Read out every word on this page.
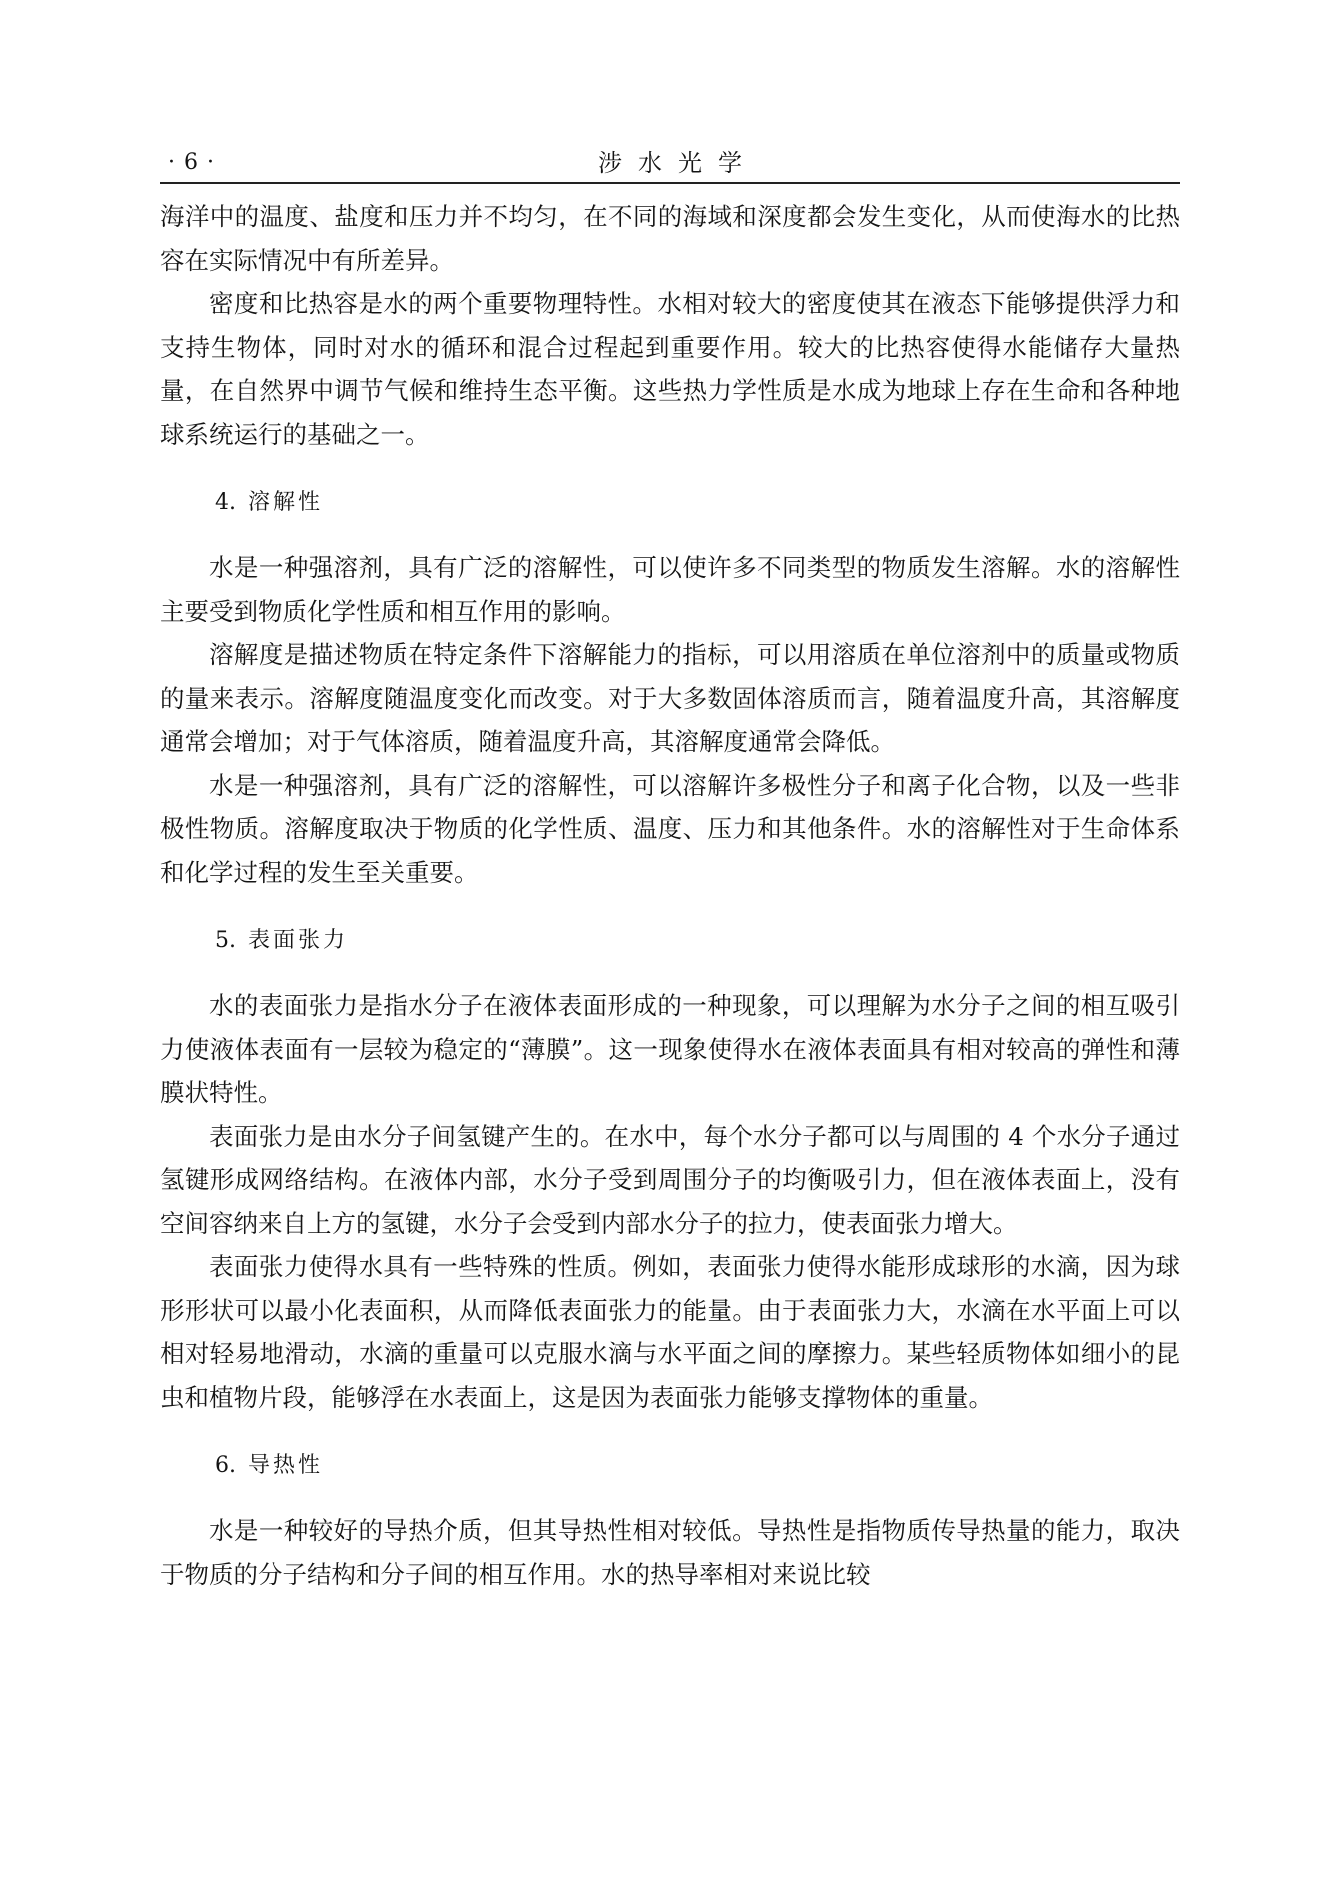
· 6 ·	涉水光学

海洋中的温度、盐度和压力并不均匀，在不同的海域和深度都会发生变化，从而使海水的比热容在实际情况中有所差异。

密度和比热容是水的两个重要物理特性。水相对较大的密度使其在液态下能够提供浮力和支持生物体，同时对水的循环和混合过程起到重要作用。较大的比热容使得水能储存大量热量，在自然界中调节气候和维持生态平衡。这些热力学性质是水成为地球上存在生命和各种地球系统运行的基础之一。

4. 溶解性

水是一种强溶剂，具有广泛的溶解性，可以使许多不同类型的物质发生溶解。水的溶解性主要受到物质化学性质和相互作用的影响。

溶解度是描述物质在特定条件下溶解能力的指标，可以用溶质在单位溶剂中的质量或物质的量来表示。溶解度随温度变化而改变。对于大多数固体溶质而言，随着温度升高，其溶解度通常会增加；对于气体溶质，随着温度升高，其溶解度通常会降低。

水是一种强溶剂，具有广泛的溶解性，可以溶解许多极性分子和离子化合物，以及一些非极性物质。溶解度取决于物质的化学性质、温度、压力和其他条件。水的溶解性对于生命体系和化学过程的发生至关重要。

5. 表面张力

水的表面张力是指水分子在液体表面形成的一种现象，可以理解为水分子之间的相互吸引力使液体表面有一层较为稳定的“薄膜”。这一现象使得水在液体表面具有相对较高的弹性和薄膜状特性。

表面张力是由水分子间氢键产生的。在水中，每个水分子都可以与周围的 4 个水分子通过氢键形成网络结构。在液体内部，水分子受到周围分子的均衡吸引力，但在液体表面上，没有空间容纳来自上方的氢键，水分子会受到内部水分子的拉力，使表面张力增大。

表面张力使得水具有一些特殊的性质。例如，表面张力使得水能形成球形的水滴，因为球形形状可以最小化表面积，从而降低表面张力的能量。由于表面张力大，水滴在水平面上可以相对轻易地滑动，水滴的重量可以克服水滴与水平面之间的摩擦力。某些轻质物体如细小的昆虫和植物片段，能够浮在水表面上，这是因为表面张力能够支撑物体的重量。

6. 导热性

水是一种较好的导热介质，但其导热性相对较低。导热性是指物质传导热量的能力，取决于物质的分子结构和分子间的相互作用。水的热导率相对来说比较
